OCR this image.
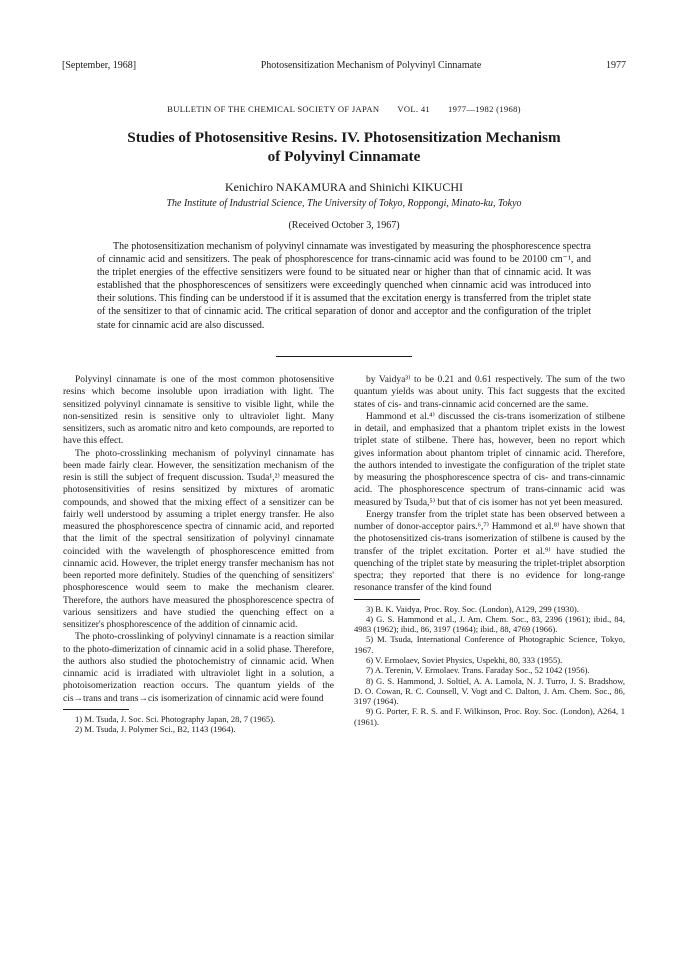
[September, 1968]	Photosensitization Mechanism of Polyvinyl Cinnamate	1977
BULLETIN OF THE CHEMICAL SOCIETY OF JAPAN VOL. 41 1977—1982 (1968)
Studies of Photosensitive Resins. IV. Photosensitization Mechanism
of Polyvinyl Cinnamate
Kenichiro NAKAMURA and Shinichi KIKUCHI
The Institute of Industrial Science, The University of Tokyo, Roppongi, Minato-ku, Tokyo
(Received October 3, 1967)
The photosensitization mechanism of polyvinyl cinnamate was investigated by measuring the phosphorescence spectra of cinnamic acid and sensitizers. The peak of phosphorescence for trans-cinnamic acid was found to be 20100 cm⁻¹, and the triplet energies of the effective sensitizers were found to be situated near or higher than that of cinnamic acid. It was established that the phosphorescences of sensitizers were exceedingly quenched when cinnamic acid was introduced into their solutions. This finding can be understood if it is assumed that the excitation energy is transferred from the triplet state of the sensitizer to that of cinnamic acid. The critical separation of donor and acceptor and the configuration of the triplet state for cinnamic acid are also discussed.

Polyvinyl cinnamate is one of the most common photosensitive resins which become insoluble upon irradiation with light. The sensitized polyvinyl cinnamate is sensitive to visible light, while the non-sensitized resin is sensitive only to ultraviolet light. Many sensitizers, such as aromatic nitro and keto compounds, are reported to have this effect.

The photo-crosslinking mechanism of polyvinyl cinnamate has been made fairly clear. However, the sensitization mechanism of the resin is still the subject of frequent discussion. Tsuda¹,²⁾ measured the photosensitivities of resins sensitized by mixtures of aromatic compounds, and showed that the mixing effect of a sensitizer can be fairly well understood by assuming a triplet energy transfer. He also measured the phosphorescence spectra of cinnamic acid, and reported that the limit of the spectral sensitization of polyvinyl cinnamate coincided with the wavelength of phosphorescence emitted from cinnamic acid. However, the triplet energy transfer mechanism has not been reported more definitely. Studies of the quenching of sensitizers' phosphorescence would seem to make the mechanism clearer. Therefore, the authors have measured the phosphorescence spectra of various sensitizers and have studied the quenching effect on a sensitizer's phosphorescence of the addition of cinnamic acid.

The photo-crosslinking of polyvinyl cinnamate is a reaction similar to the photo-dimerization of cinnamic acid in a solid phase. Therefore, the authors also studied the photochemistry of cinnamic acid. When cinnamic acid is irradiated with ultraviolet light in a solution, a photoisomerization reaction occurs. The quantum yields of the cis→trans and trans→cis isomerization of cinnamic acid were found

1) M. Tsuda, J. Soc. Sci. Photography Japan, 28, 7 (1965).

2) M. Tsuda, J. Polymer Sci., B2, 1143 (1964).

by Vaidya³⁾ to be 0.21 and 0.61 respectively. The sum of the two quantum yields was about unity. This fact suggests that the excited states of cis- and trans-cinnamic acid concerned are the same.

Hammond et al.⁴⁾ discussed the cis-trans isomerization of stilbene in detail, and emphasized that a phantom triplet exists in the lowest triplet state of stilbene. There has, however, been no report which gives information about phantom triplet of cinnamic acid. Therefore, the authors intended to investigate the configuration of the triplet state by measuring the phosphorescence spectra of cis- and trans-cinnamic acid. The phosphorescence spectrum of trans-cinnamic acid was measured by Tsuda,⁵⁾ but that of cis isomer has not yet been measured.

Energy transfer from the triplet state has been observed between a number of donor-acceptor pairs.⁶,⁷⁾ Hammond et al.⁸⁾ have shown that the photosensitized cis-trans isomerization of stilbene is caused by the transfer of the triplet excitation. Porter et al.⁹⁾ have studied the quenching of the triplet state by measuring the triplet-triplet absorption spectra; they reported that there is no evidence for long-range resonance transfer of the kind found

3) B. K. Vaidya, Proc. Roy. Soc. (London), A129, 299 (1930).

4) G. S. Hammond et al., J. Am. Chem. Soc., 83, 2396 (1961); ibid., 84, 4983 (1962); ibid., 86, 3197 (1964); ibid., 88, 4769 (1966).

5) M. Tsuda, International Conference of Photographic Science, Tokyo, 1967.

6) V. Ermolaev, Soviet Physics, Uspekhi, 80, 333 (1955).

7) A. Terenin, V. Ermolaev. Trans. Faraday Soc., 52 1042 (1956).

8) G. S. Hammond, J. Soltiel, A. A. Lamola, N. J. Turro, J. S. Bradshow, D. O. Cowan, R. C. Counsell, V. Vogt and C. Dalton, J. Am. Chem. Soc., 86, 3197 (1964).

9) G. Porter, F. R. S. and F. Wilkinson, Proc. Roy. Soc. (London), A264, 1 (1961).
